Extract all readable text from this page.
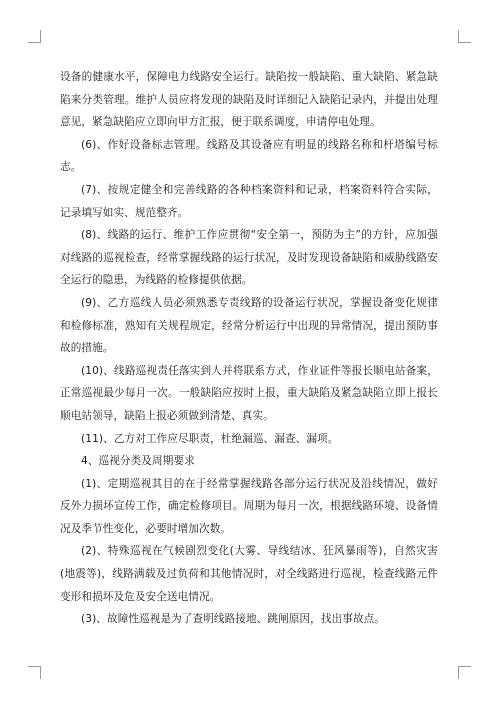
设备的健康水平，保障电力线路安全运行。缺陷按一般缺陷、重大缺陷、紧急缺陷来分类管理。维护人员应将发现的缺陷及时详细记入缺陷记录内，并提出处理意见，紧急缺陷应立即向甲方汇报，便于联系调度，申请停电处理。

(6)、作好设备标志管理。线路及其设备应有明显的线路名称和杆塔编号标志。

(7)、按规定健全和完善线路的各种档案资料和记录，档案资料符合实际，记录填写如实、规范整齐。

(8)、线路的运行、维护工作应贯彻“安全第一，预防为主”的方针，应加强对线路的巡视检查，经常掌握线路的运行状况，及时发现设备缺陷和威胁线路安全运行的隐患，为线路的检修提供依据。

(9)、乙方巡线人员必须熟悉专责线路的设备运行状况，掌握设备变化规律和检修标准，熟知有关规程规定，经常分析运行中出现的异常情况，提出预防事故的措施。

(10)、线路巡视责任落实到人并将联系方式，作业证件等报长顺电站备案，正常巡视最少每月一次。一般缺陷应按时上报，重大缺陷及紧急缺陷立即上报长顺电站领导，缺陷上报必须做到清楚、真实。

(11)、乙方对工作应尽职责，杜绝漏巡、漏查、漏项。

4、巡视分类及周期要求

(1)、定期巡视其目的在于经常掌握线路各部分运行状况及沿线情况，做好反外力损坏宣传工作，确定检修项目。周期为每月一次，根据线路环境、设备情况及季节性变化，必要时增加次数。

(2)、特殊巡视在气候剧烈变化(大雾、导线结冰、狂风暴雨等)，自然灾害(地震等)，线路满载及过负荷和其他情况时，对全线路进行巡视，检查线路元件变形和损坏及危及安全送电情况。

(3)、故障性巡视是为了查明线路接地、跳闸原因，找出事故点。
